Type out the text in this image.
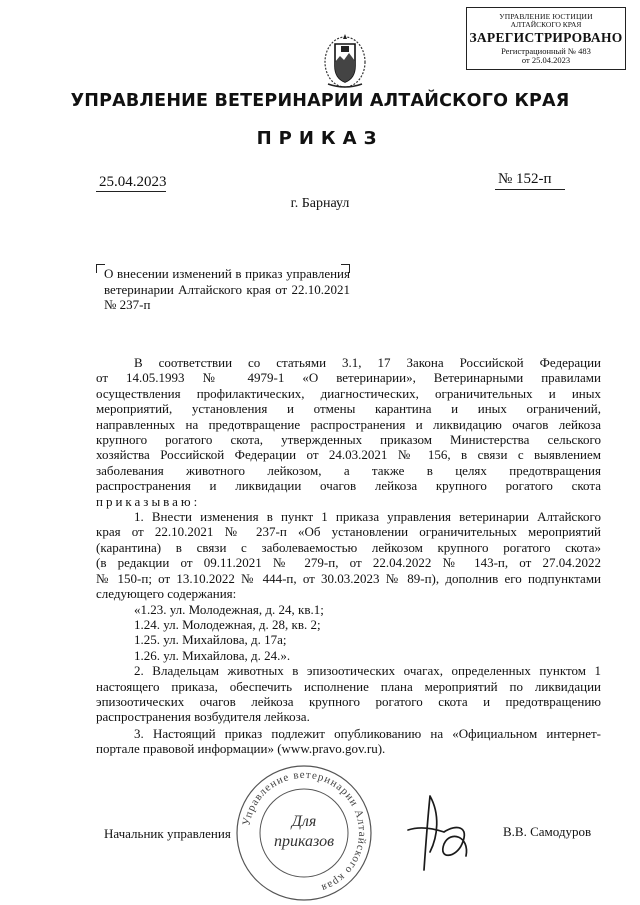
УПРАВЛЕНИЕ ЮСТИЦИИ
АЛТАЙСКОГО КРАЯ
ЗАРЕГИСТРИРОВАНО
Регистрационный № 483
от 25.04.2023
УПРАВЛЕНИЕ ВЕТЕРИНАРИИ АЛТАЙСКОГО КРАЯ
ПРИКАЗ
25.04.2023	№ 152-п
г. Барнаул
О внесении изменений в приказ управления ветеринарии Алтайского края от 22.10.2021 № 237-п

В соответствии со статьями 3.1, 17 Закона Российской Федерации

от 14.05.1993 № 4979-1 «О ветеринарии», Ветеринарными правилами

осуществления профилактических, диагностических, ограничительных и иных

мероприятий, установления и отмены карантина и иных ограничений,

направленных на предотвращение распространения и ликвидацию очагов лейкоза

крупного рогатого скота, утвержденных приказом Министерства сельского

хозяйства Российской Федерации от 24.03.2021 № 156, в связи с выявлением

заболевания животного лейкозом, а также в целях предотвращения

распространения и ликвидации очагов лейкоза крупного рогатого скота

приказываю:

1. Внести изменения в пункт 1 приказа управления ветеринарии Алтайского

края от 22.10.2021 № 237-п «Об установлении ограничительных мероприятий

(карантина) в связи с заболеваемостью лейкозом крупного рогатого скота»

(в редакции от 09.11.2021 № 279-п, от 22.04.2022 № 143-п, от 27.04.2022

№ 150-п; от 13.10.2022 № 444-п, от 30.03.2023 № 89-п), дополнив его подпунктами

следующего содержания:

«1.23. ул. Молодежная, д. 24, кв.1;

1.24. ул. Молодежная, д. 28, кв. 2;

1.25. ул. Михайлова, д. 17а;

1.26. ул. Михайлова, д. 24.».

2. Владельцам животных в эпизоотических очагах, определенных пунктом 1

настоящего приказа, обеспечить исполнение плана мероприятий по ликвидации

эпизоотических очагов лейкоза крупного рогатого скота и предотвращению

распространения возбудителя лейкоза.

3. Настоящий приказ подлежит опубликованию на «Официальном интернет-

портале правовой информации» (www.pravo.gov.ru).

Начальник управления	В.В. Самодуров
Управление ветеринарии Алтайского края
Для
приказов
